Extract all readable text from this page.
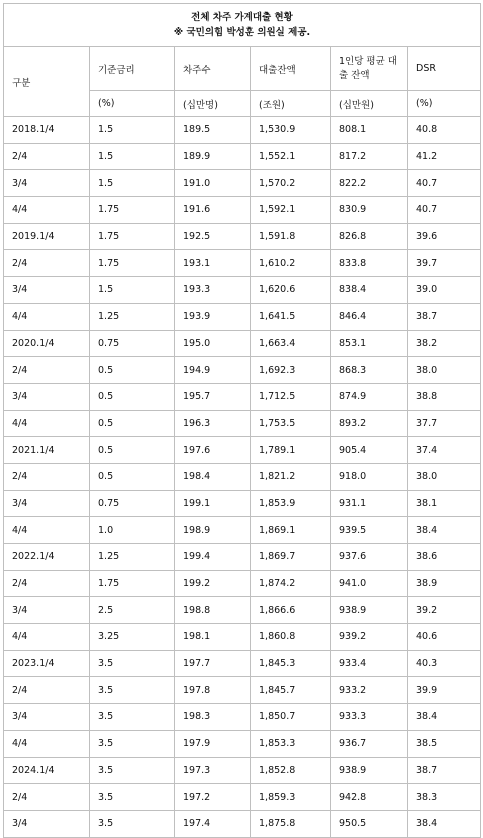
전체 차주 가계대출 현황
※ 국민의힘 박성훈 의원실 제공.					

구분	기준금리	차주수	대출잔액	1인당 평균 대출 잔액	DSR
	(%)	(십만명)	(조원)	(십만원)	(%)
2018.1/4	1.5	189.5	1,530.9	808.1	40.8
2/4	1.5	189.9	1,552.1	817.2	41.2
3/4	1.5	191.0	1,570.2	822.2	40.7
4/4	1.75	191.6	1,592.1	830.9	40.7
2019.1/4	1.75	192.5	1,591.8	826.8	39.6
2/4	1.75	193.1	1,610.2	833.8	39.7
3/4	1.5	193.3	1,620.6	838.4	39.0
4/4	1.25	193.9	1,641.5	846.4	38.7
2020.1/4	0.75	195.0	1,663.4	853.1	38.2
2/4	0.5	194.9	1,692.3	868.3	38.0
3/4	0.5	195.7	1,712.5	874.9	38.8
4/4	0.5	196.3	1,753.5	893.2	37.7
2021.1/4	0.5	197.6	1,789.1	905.4	37.4
2/4	0.5	198.4	1,821.2	918.0	38.0
3/4	0.75	199.1	1,853.9	931.1	38.1
4/4	1.0	198.9	1,869.1	939.5	38.4
2022.1/4	1.25	199.4	1,869.7	937.6	38.6
2/4	1.75	199.2	1,874.2	941.0	38.9
3/4	2.5	198.8	1,866.6	938.9	39.2
4/4	3.25	198.1	1,860.8	939.2	40.6
2023.1/4	3.5	197.7	1,845.3	933.4	40.3
2/4	3.5	197.8	1,845.7	933.2	39.9
3/4	3.5	198.3	1,850.7	933.3	38.4
4/4	3.5	197.9	1,853.3	936.7	38.5
2024.1/4	3.5	197.3	1,852.8	938.9	38.7
2/4	3.5	197.2	1,859.3	942.8	38.3
3/4	3.5	197.4	1,875.8	950.5	38.4
